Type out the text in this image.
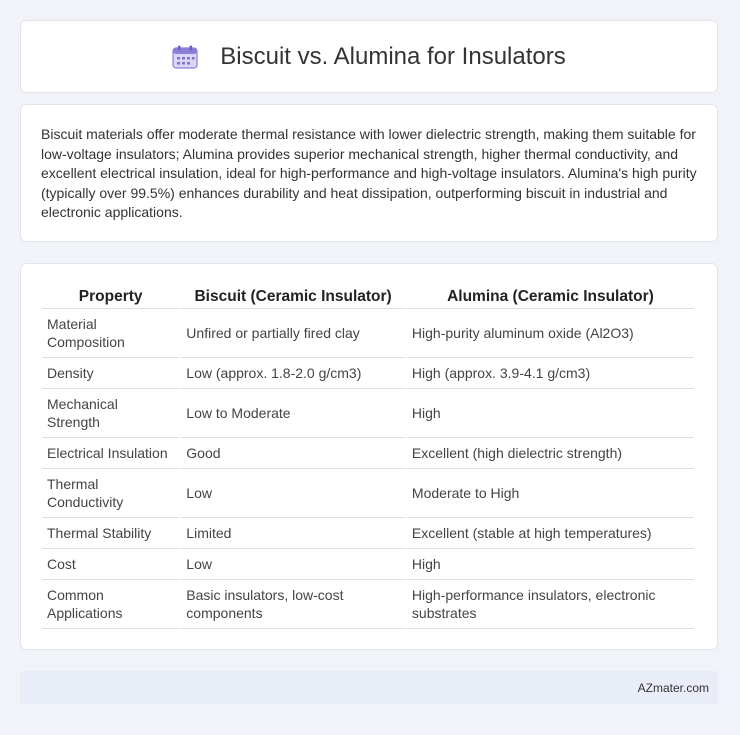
Biscuit vs. Alumina for Insulators

Biscuit materials offer moderate thermal resistance with lower dielectric strength, making them suitable for low-voltage insulators; Alumina provides superior mechanical strength, higher thermal conductivity, and excellent electrical insulation, ideal for high-performance and high-voltage insulators. Alumina's high purity (typically over 99.5%) enhances durability and heat dissipation, outperforming biscuit in industrial and electronic applications.

Property	Biscuit (Ceramic Insulator)	Alumina (Ceramic Insulator)
Material Composition	Unfired or partially fired clay	High-purity aluminum oxide (Al2O3)
Density	Low (approx. 1.8-2.0 g/cm3)	High (approx. 3.9-4.1 g/cm3)
Mechanical Strength	Low to Moderate	High
Electrical Insulation	Good	Excellent (high dielectric strength)
Thermal Conductivity	Low	Moderate to High
Thermal Stability	Limited	Excellent (stable at high temperatures)
Cost	Low	High
Common Applications	Basic insulators, low-cost components	High-performance insulators, electronic substrates
AZmater.com
